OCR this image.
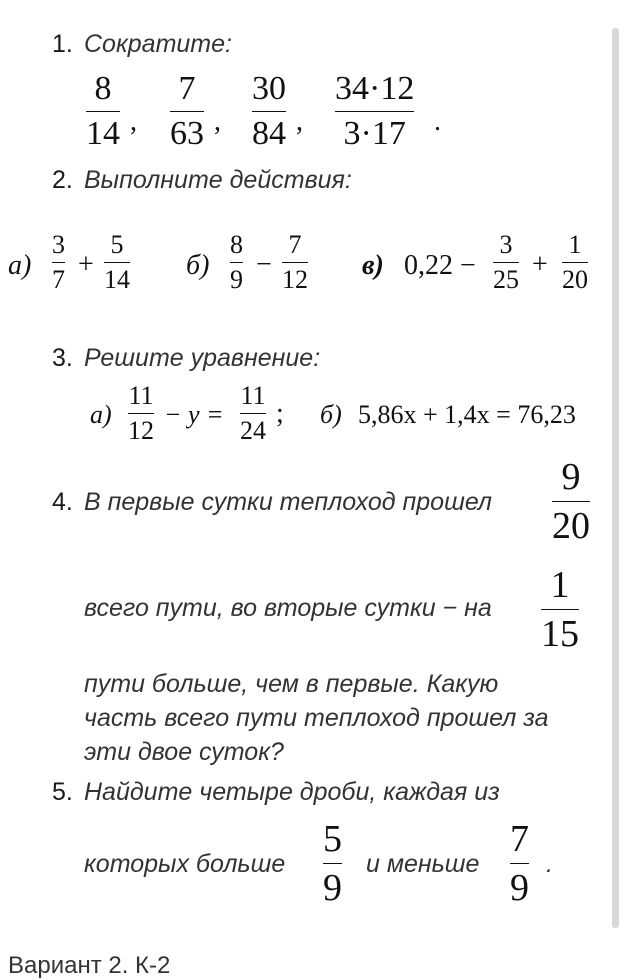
1. Сократите:
8
14 ,
7
63 ,
30
84 ,
34·12
3·17 .
2. Выполните действия:
а)
3
7 +
5
14 б)
8
9 −
7
12 в) 0,22 −
3
25 +
1
20
3. Решите уравнение:
а)
11
12
− y =
11
24
; б) 5,86x + 1,4x = 76,23
4. В первые сутки теплоход прошел
9
20
всего пути, во вторые сутки − на
1
15
пути больше, чем в первые. Какую
часть всего пути теплоход прошел за
эти двое суток?
5. Найдите четыре дроби, каждая из
которых больше
5
9
и меньше
7
9
.
Вариант 2. К-2
